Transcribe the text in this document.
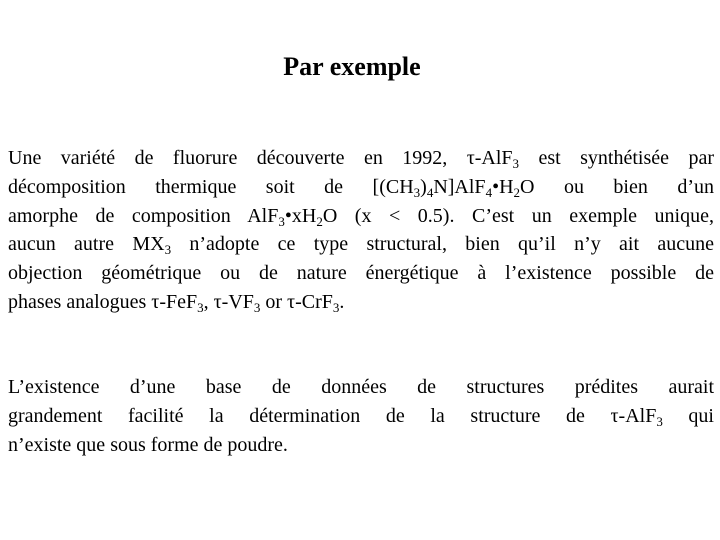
Par exemple
Une variété de fluorure découverte en 1992, τ-AlF$_3$ est synthétisée par
décomposition thermique soit de $[(CH_3)_4N]AlF_4•H_2O$ ou bien d’un
amorphe de composition $AlF_3•xH_2O$ (x < 0.5). C’est un exemple unique,
aucun autre $MX_3$ n’adopte ce type structural, bien qu’il n’y ait aucune
objection géométrique ou de nature énergétique à l’existence possible de
phases analogues τ-FeF$_3$, $\tau-VF_3$ or τ-CrF$_3$.
L’existence d’une base de données de structures prédites aurait
grandement facilité la détermination de la structure de τ-AlF$_3$ qui
n’existe que sous forme de poudre.
